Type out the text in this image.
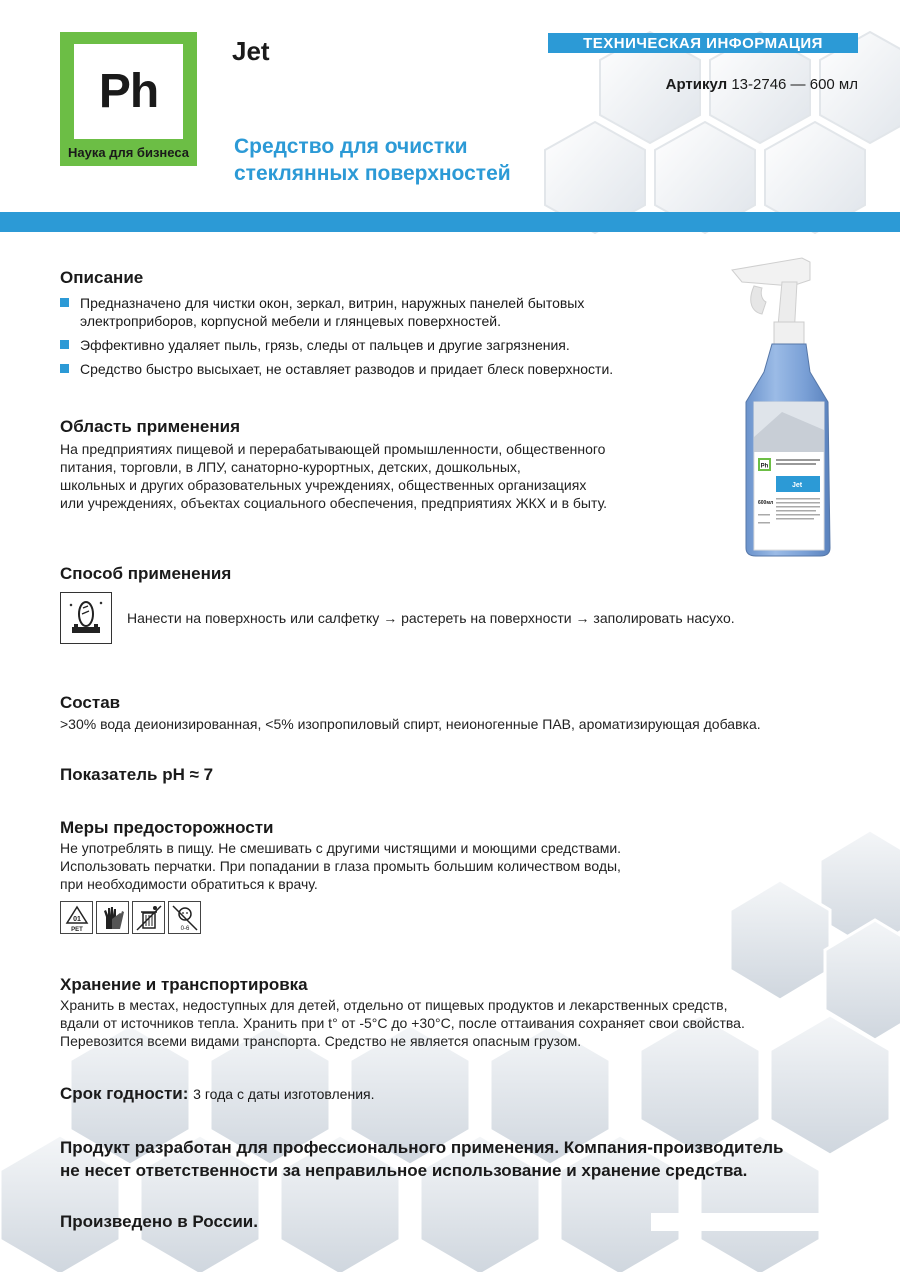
Ph
Наука для бизнеса
Jet
Средство для очистки
стеклянных поверхностей
ТЕХНИЧЕСКАЯ ИНФОРМАЦИЯ
Артикул 13-2746 — 600 мл
Ph
Jet
600мл
Описание
Предназначено для чистки окон, зеркал, витрин, наружных панелей бытовых электроприборов, корпусной мебели и глянцевых поверхностей.
Эффективно удаляет пыль, грязь, следы от пальцев и другие загрязнения.
Средство быстро высыхает, не оставляет разводов и придает блеск поверхности.
Область применения
На предприятиях пищевой и перерабатывающей промышленности, общественного
питания, торговли, в ЛПУ, санаторно-курортных, детских, дошкольных,
школьных и других образовательных учреждениях, общественных организациях
или учреждениях, объектах социального обеспечения, предприятиях ЖКХ и в быту.
Способ применения
Нанести на поверхность или салфетку → растереть на поверхности → заполировать насухо.
Состав
>30% вода деионизированная, <5% изопропиловый спирт, неионогенные ПАВ, ароматизирующая добавка.
Показатель pH ≈ 7
Меры предосторожности
Не употреблять в пищу. Не смешивать с другими чистящими и моющими средствами.
Использовать перчатки. При попадании в глаза промыть большим количеством воды,
при необходимости обратиться к врачу.
01
PET	0-6
Хранение и транспортировка
Хранить в местах, недоступных для детей, отдельно от пищевых продуктов и лекарственных средств,
вдали от источников тепла. Хранить при t° от -5°C до +30°C, после оттаивания сохраняет свои свойства.
Перевозится всеми видами транспорта. Средство не является опасным грузом.
Срок годности: 3 года с даты изготовления.
Продукт разработан для профессионального применения. Компания-производитель
не несет ответственности за неправильное использование и хранение средства.
Произведено в России.
